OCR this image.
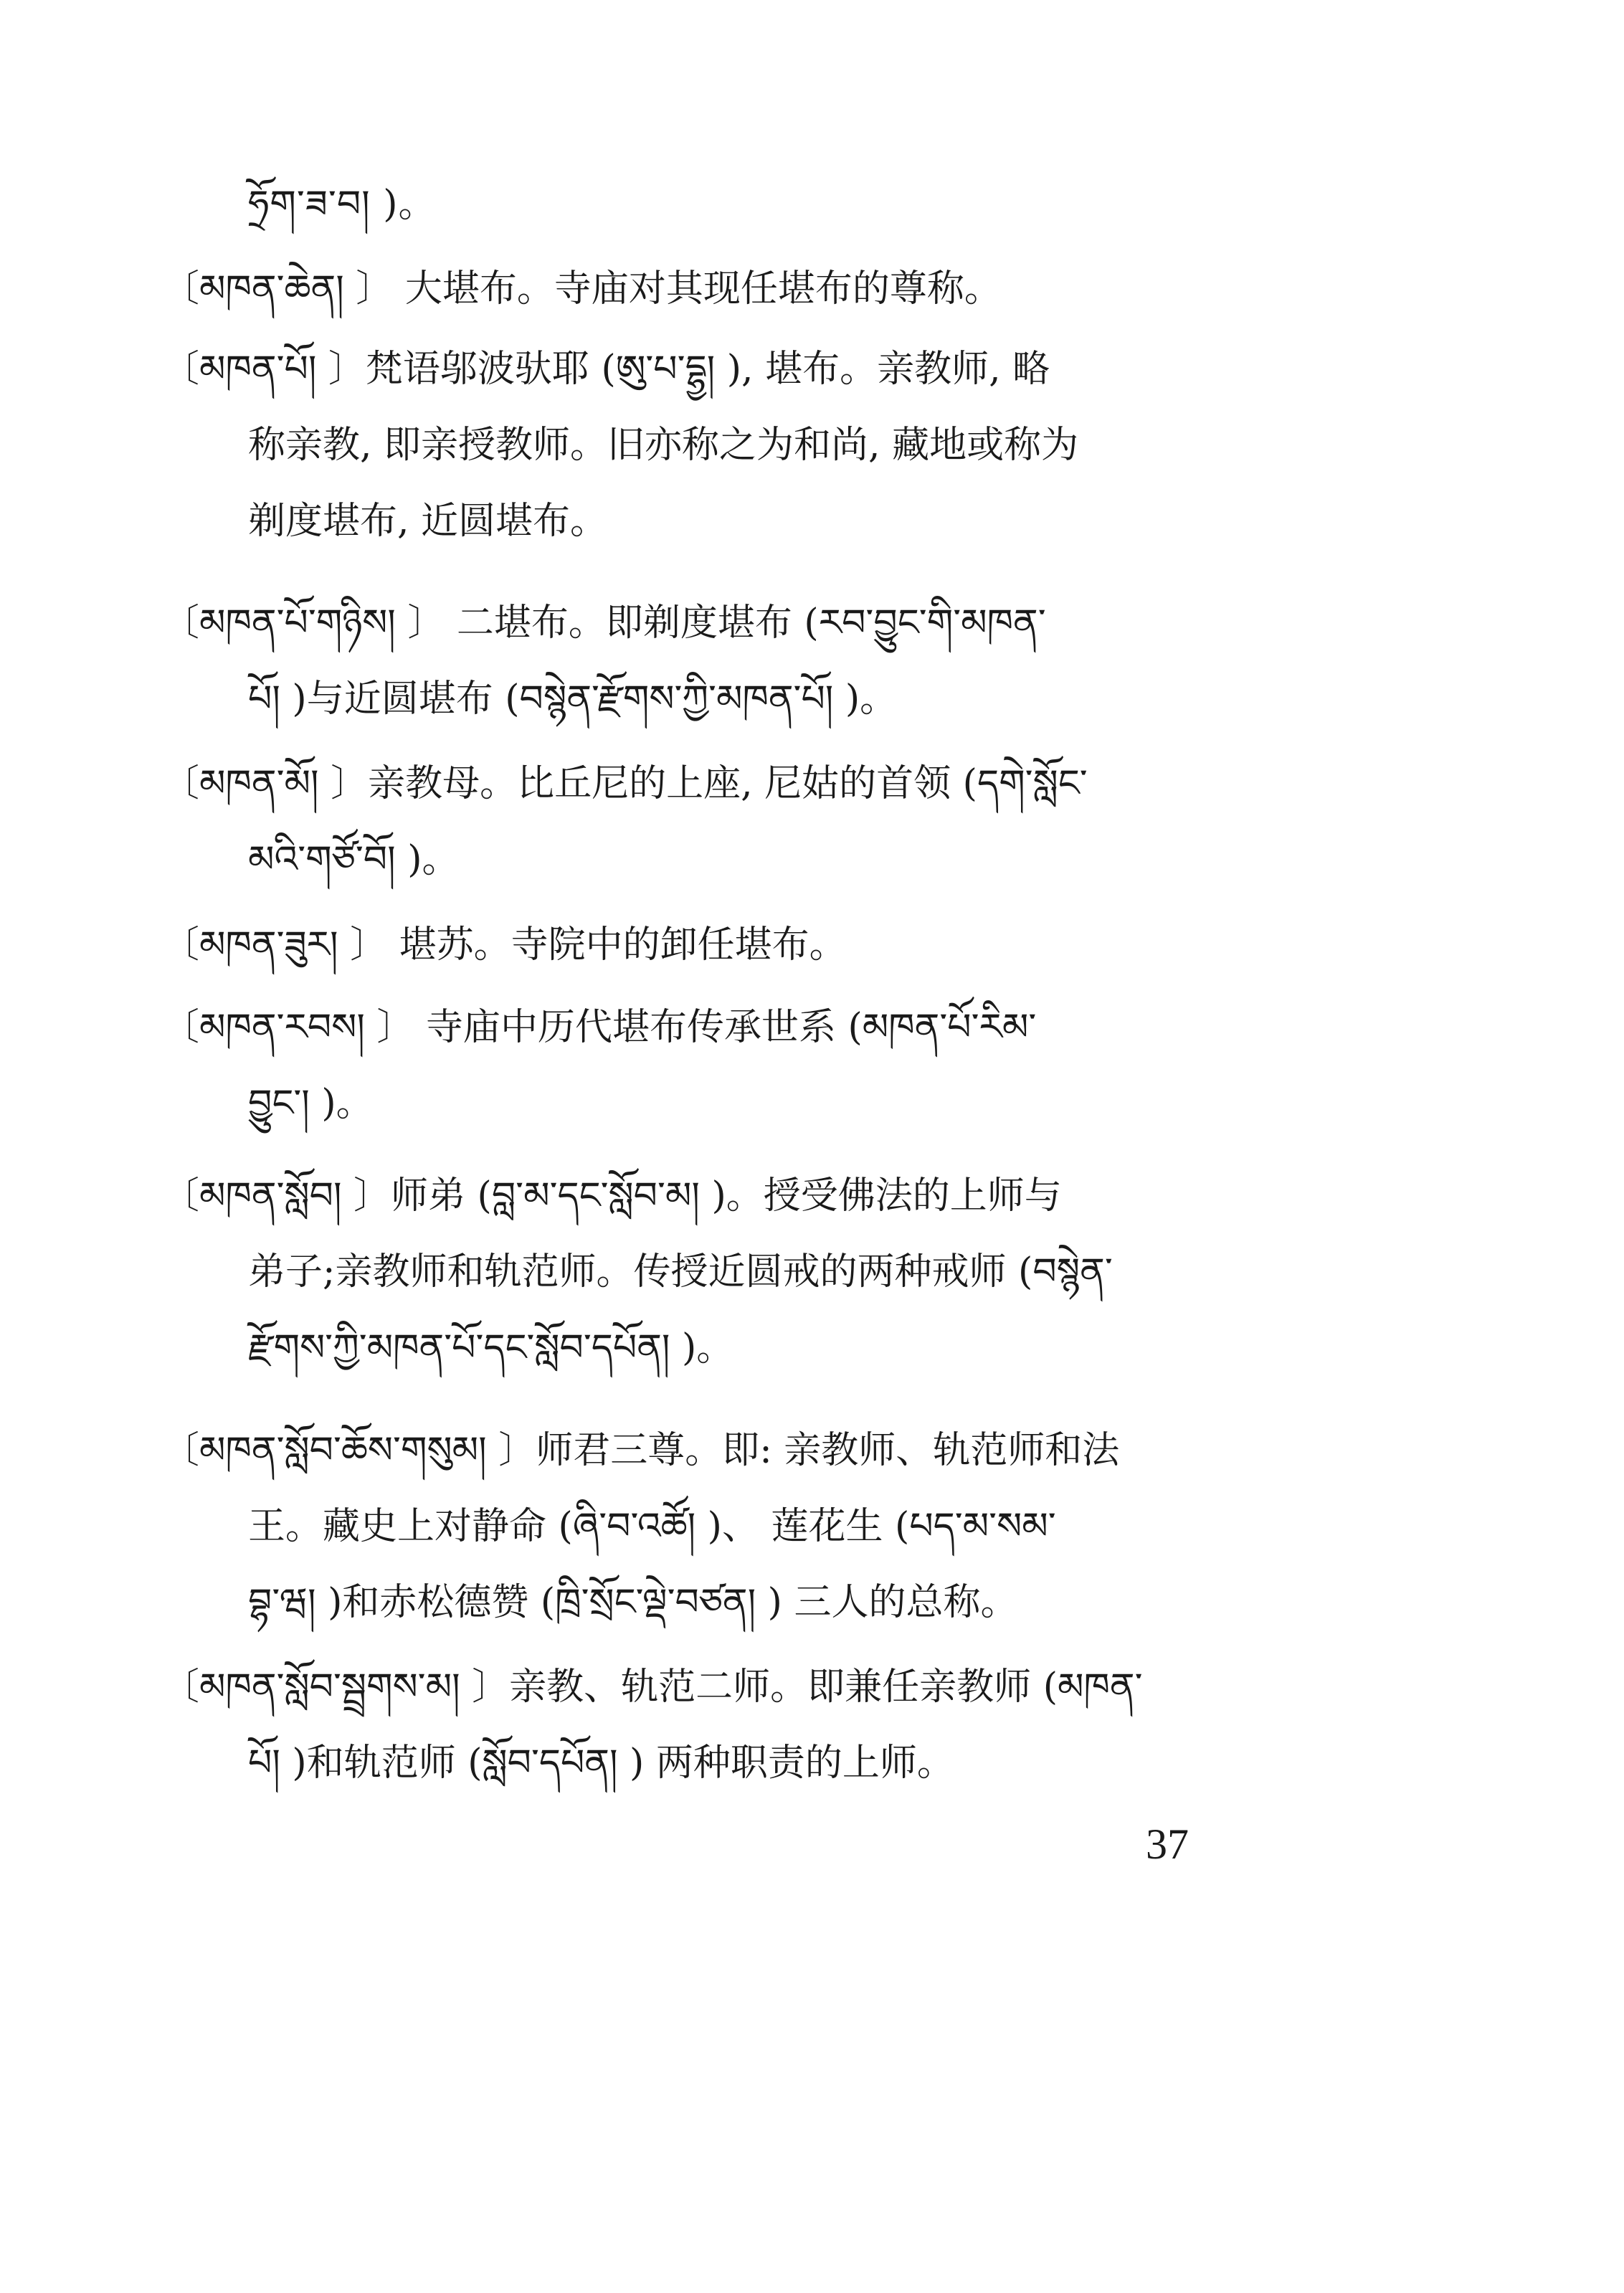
ཧྲོག་ཟ་བ། )。
〔མཁན་ཆེན། 〕 大堪布。寺庙对其现任堪布的尊称。
〔མཁན་པོ། 〕梵语邬波驮耶 (ཨུ་པ་དྷྱ། ), 堪布。亲教师, 略
称亲教, 即亲授教师。旧亦称之为和尚, 藏地或称为
剃度堪布, 近圆堪布。
〔མཁན་པོ་གཉིས། 〕 二堪布。即剃度堪布 (རབ་བྱུང་གི་མཁན་
པོ། )与近圆堪布 (བསྙེན་རྫོགས་ཀྱི་མཁན་པོ། )。
〔མཁན་མོ། 〕亲教母。比丘尼的上座, 尼姑的首领 (དགེ་སློང་
མའི་གཙོ་བོ། )。
〔མཁན་ཟུར། 〕 堪苏。寺院中的卸任堪布。
〔མཁན་རབས། 〕 寺庙中历代堪布传承世系 (མཁན་པོ་རིམ་
བྱུང་། )。
〔མཁན་སློབ། 〕师弟 (བླ་མ་དང་སློབ་མ། )。授受佛法的上师与
弟子;亲教师和轨范师。传授近圆戒的两种戒师 (བསྙེན་
རྫོགས་ཀྱི་མཁན་པོ་དང་སློབ་དཔོན། )。
〔མཁན་སློབ་ཆོས་གསུམ། 〕师君三尊。即: 亲教师、轨范师和法
王。藏史上对静命 (ཞི་བ་འཚོ། )、 莲花生 (པད་མ་སམ་
བྷ་ཝ། )和赤松德赞 (ཁྲི་སྲོང་ལྡེ་བཙན། ) 三人的总称。
〔མཁན་སློབ་སྦྲགས་མ། 〕亲教、轨范二师。即兼任亲教师 (མཁན་
པོ། )和轨范师 (སློབ་དཔོན། ) 两种职责的上师。
37
